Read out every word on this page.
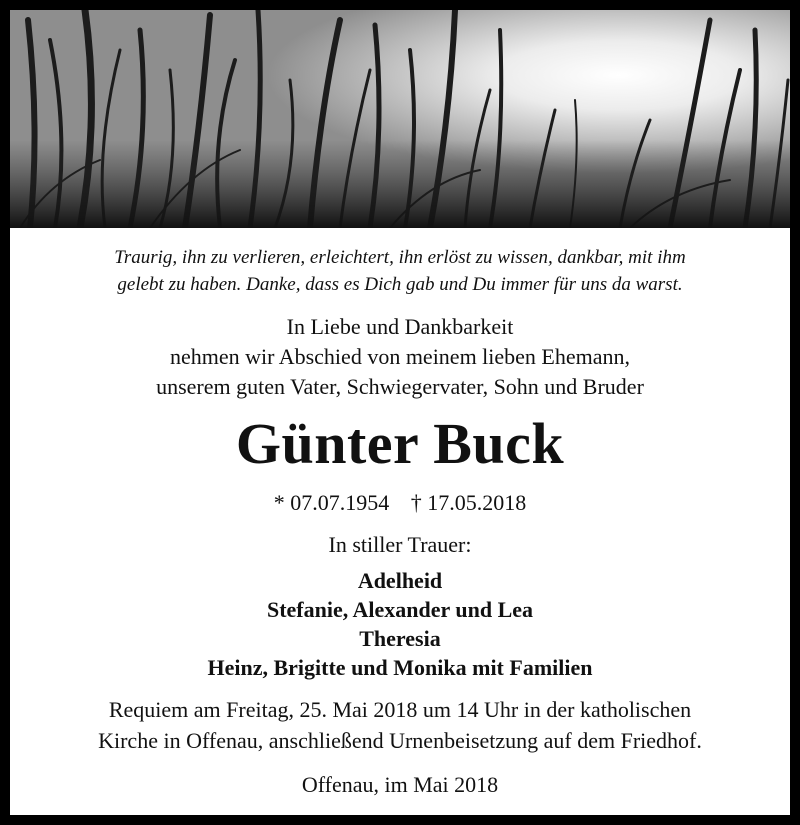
Traurig, ihn zu verlieren, erleichtert, ihn erlöst zu wissen, dankbar, mit ihm
gelebt zu haben. Danke, dass es Dich gab und Du immer für uns da warst.

In Liebe und Dankbarkeit
nehmen wir Abschied von meinem lieben Ehemann,
unserem guten Vater, Schwiegervater, Sohn und Bruder

Günter Buck
* 07.07.1954 † 17.05.2018
In stiller Trauer:
Adelheid
Stefanie, Alexander und Lea
Theresia
Heinz, Brigitte und Monika mit Familien

Requiem am Freitag, 25. Mai 2018 um 14 Uhr in der katholischen
Kirche in Offenau, anschließend Urnenbeisetzung auf dem Friedhof.

Offenau, im Mai 2018
